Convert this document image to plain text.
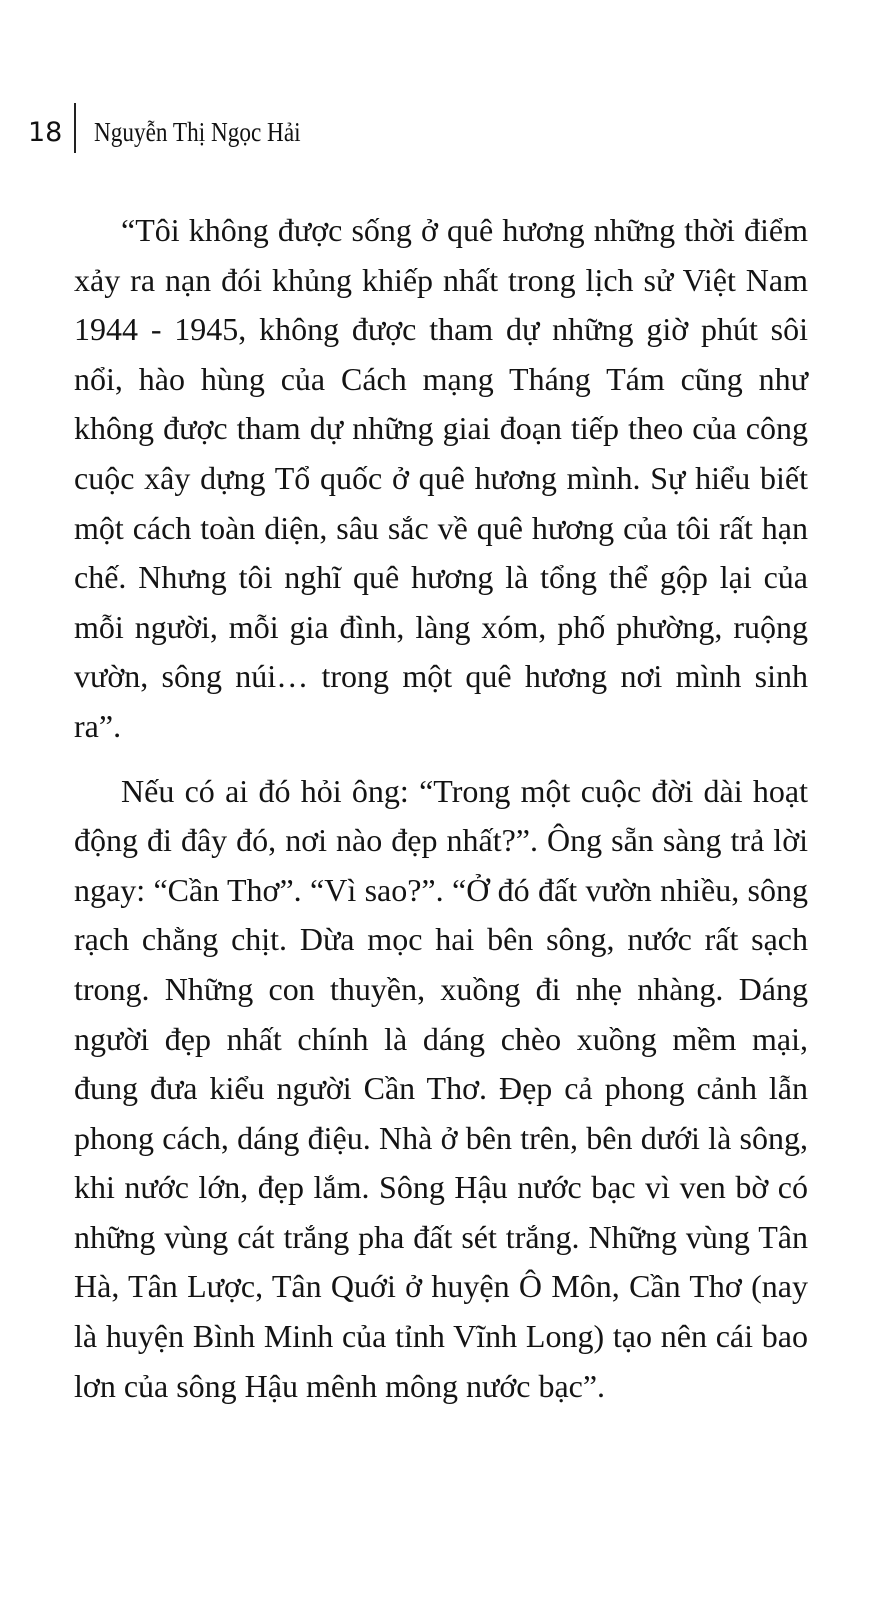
18 Nguyễn Thị Ngọc Hải

“Tôi không được sống ở quê hương những thời điểm xảy ra nạn đói khủng khiếp nhất trong lịch sử Việt Nam 1944 - 1945, không được tham dự những giờ phút sôi nổi, hào hùng của Cách mạng Tháng Tám cũng như không được tham dự những giai đoạn tiếp theo của công cuộc xây dựng Tổ quốc ở quê hương mình. Sự hiểu biết một cách toàn diện, sâu sắc về quê hương của tôi rất hạn chế. Nhưng tôi nghĩ quê hương là tổng thể gộp lại của mỗi người, mỗi gia đình, làng xóm, phố phường, ruộng vườn, sông núi… trong một quê hương nơi mình sinh ra”.

Nếu có ai đó hỏi ông: “Trong một cuộc đời dài hoạt động đi đây đó, nơi nào đẹp nhất?”. Ông sẵn sàng trả lời ngay: “Cần Thơ”. “Vì sao?”. “Ở đó đất vườn nhiều, sông rạch chằng chịt. Dừa mọc hai bên sông, nước rất sạch trong. Những con thuyền, xuồng đi nhẹ nhàng. Dáng người đẹp nhất chính là dáng chèo xuồng mềm mại, đung đưa kiểu người Cần Thơ. Đẹp cả phong cảnh lẫn phong cách, dáng điệu. Nhà ở bên trên, bên dưới là sông, khi nước lớn, đẹp lắm. Sông Hậu nước bạc vì ven bờ có những vùng cát trắng pha đất sét trắng. Những vùng Tân Hà, Tân Lược, Tân Quới ở huyện Ô Môn, Cần Thơ (nay là huyện Bình Minh của tỉnh Vĩnh Long) tạo nên cái bao lơn của sông Hậu mênh mông nước bạc”.
